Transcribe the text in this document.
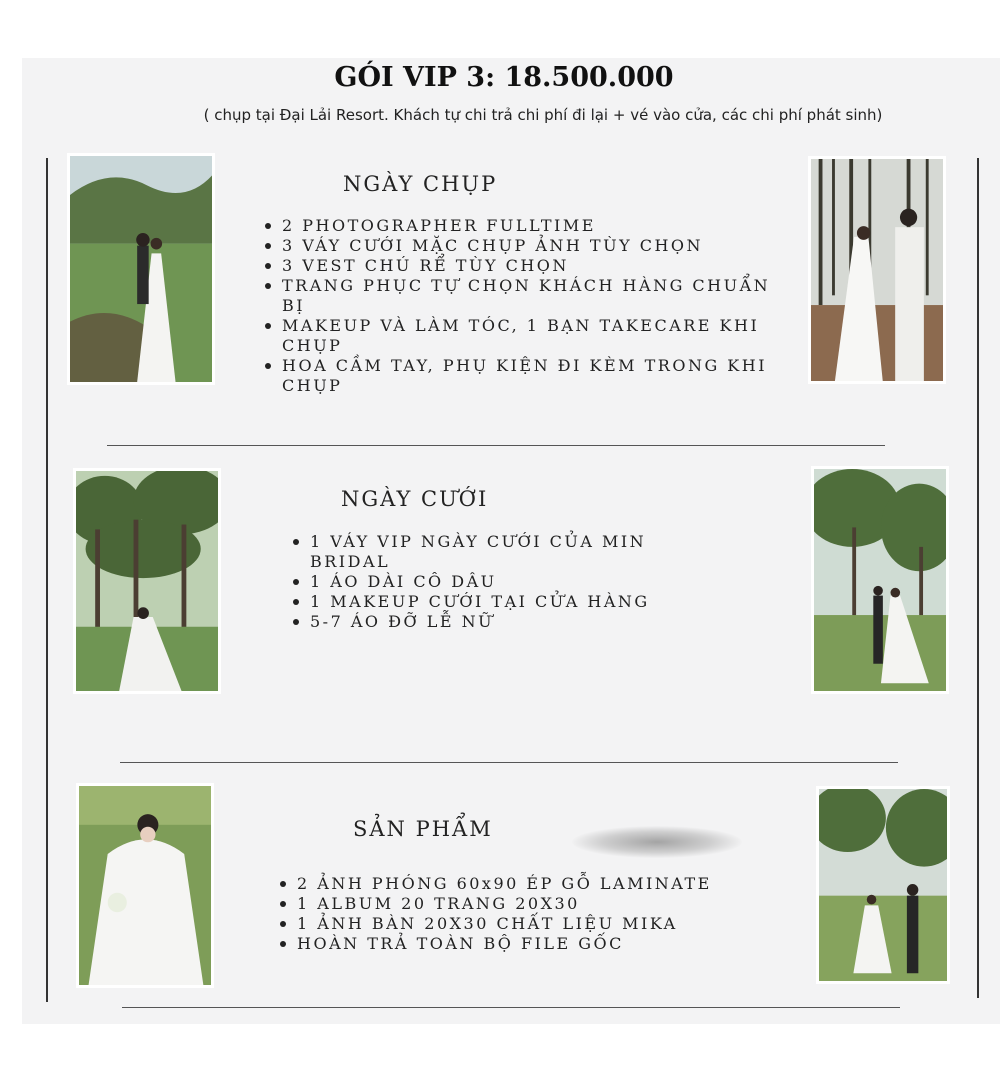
GÓI VIP 3: 18.500.000
( chụp tại Đại Lải Resort. Khách tự chi trả chi phí đi lại + vé vào cửa, các chi phí phát sinh)
NGÀY CHỤP
2 PHOTOGRAPHER FULLTIME
3 VÁY CƯỚI MẶC CHỤP ẢNH TÙY CHỌN
3 VEST CHÚ RỂ TÙY CHỌN
TRANG PHỤC TỰ CHỌN KHÁCH HÀNG CHUẨN BỊ
MAKEUP VÀ LÀM TÓC, 1 BẠN TAKECARE KHI CHỤP
HOA CẦM TAY, PHỤ KIỆN ĐI KÈM TRONG KHI CHỤP
NGÀY CƯỚI
1 VÁY VIP NGÀY CƯỚI CỦA MIN BRIDAL
1 ÁO DÀI CÔ DÂU
1 MAKEUP CƯỚI TẠI CỬA HÀNG
5-7 ÁO ĐỠ LỄ NỮ
SẢN PHẨM
2 ẢNH PHÓNG 60x90 ÉP GỖ LAMINATE
1 ALBUM 20 TRANG 20X30
1 ẢNH BÀN 20X30 CHẤT LIỆU MIKA
HOÀN TRẢ TOÀN BỘ FILE GỐC
